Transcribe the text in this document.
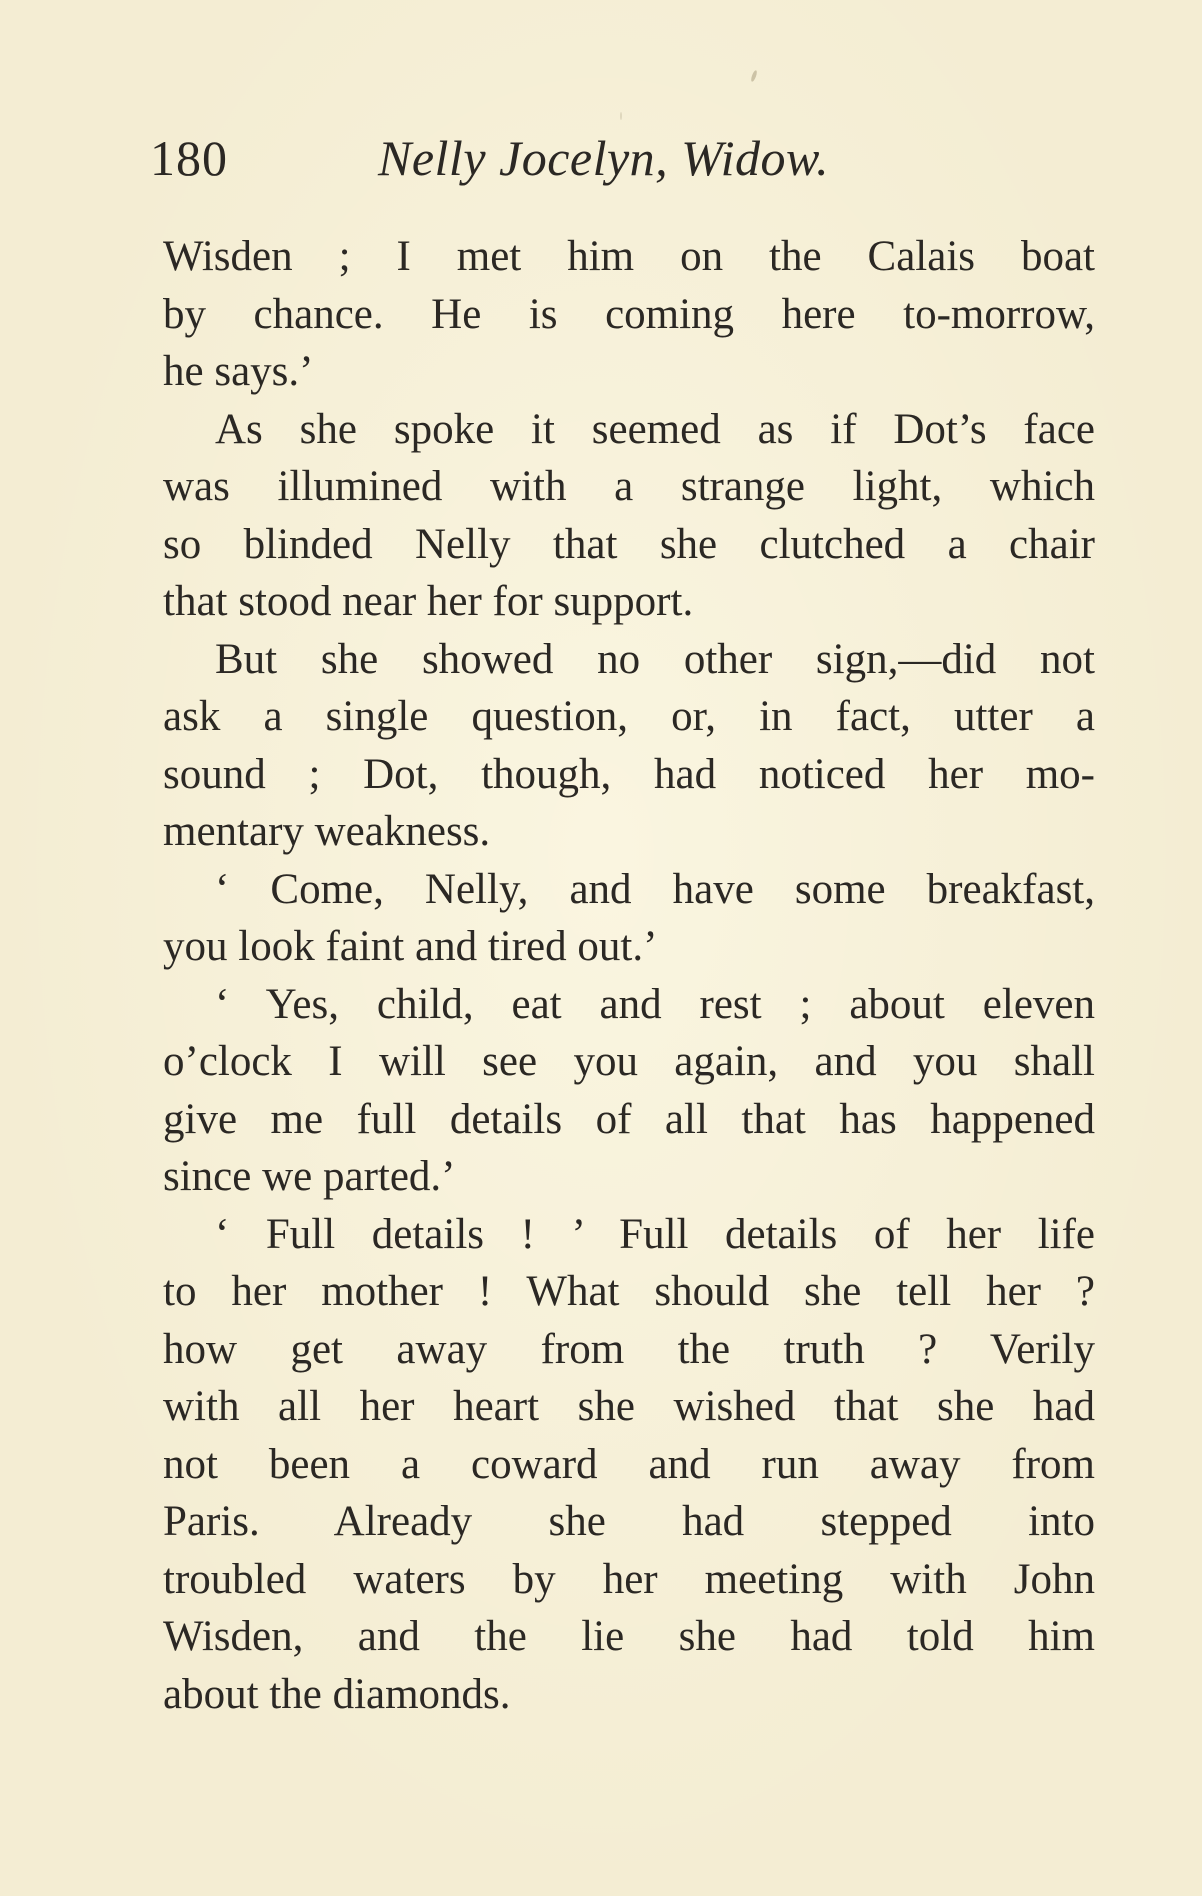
180	Nelly Jocelyn, Widow.
Wisden ; I met him on the Calais boat
by chance. He is coming here to-morrow,
he says.’
As she spoke it seemed as if Dot’s face
was illumined with a strange light, which
so blinded Nelly that she clutched a chair
that stood near her for support.
But she showed no other sign,—did not
ask a single question, or, in fact, utter a
sound ; Dot, though, had noticed her mo-
mentary weakness.
‘ Come, Nelly, and have some breakfast,
you look faint and tired out.’
‘ Yes, child, eat and rest ; about eleven
o’clock I will see you again, and you shall
give me full details of all that has happened
since we parted.’
‘ Full details ! ’ Full details of her life
to her mother ! What should she tell her ?
how get away from the truth ? Verily
with all her heart she wished that she had
not been a coward and run away from
Paris. Already she had stepped into
troubled waters by her meeting with John
Wisden, and the lie she had told him
about the diamonds.
